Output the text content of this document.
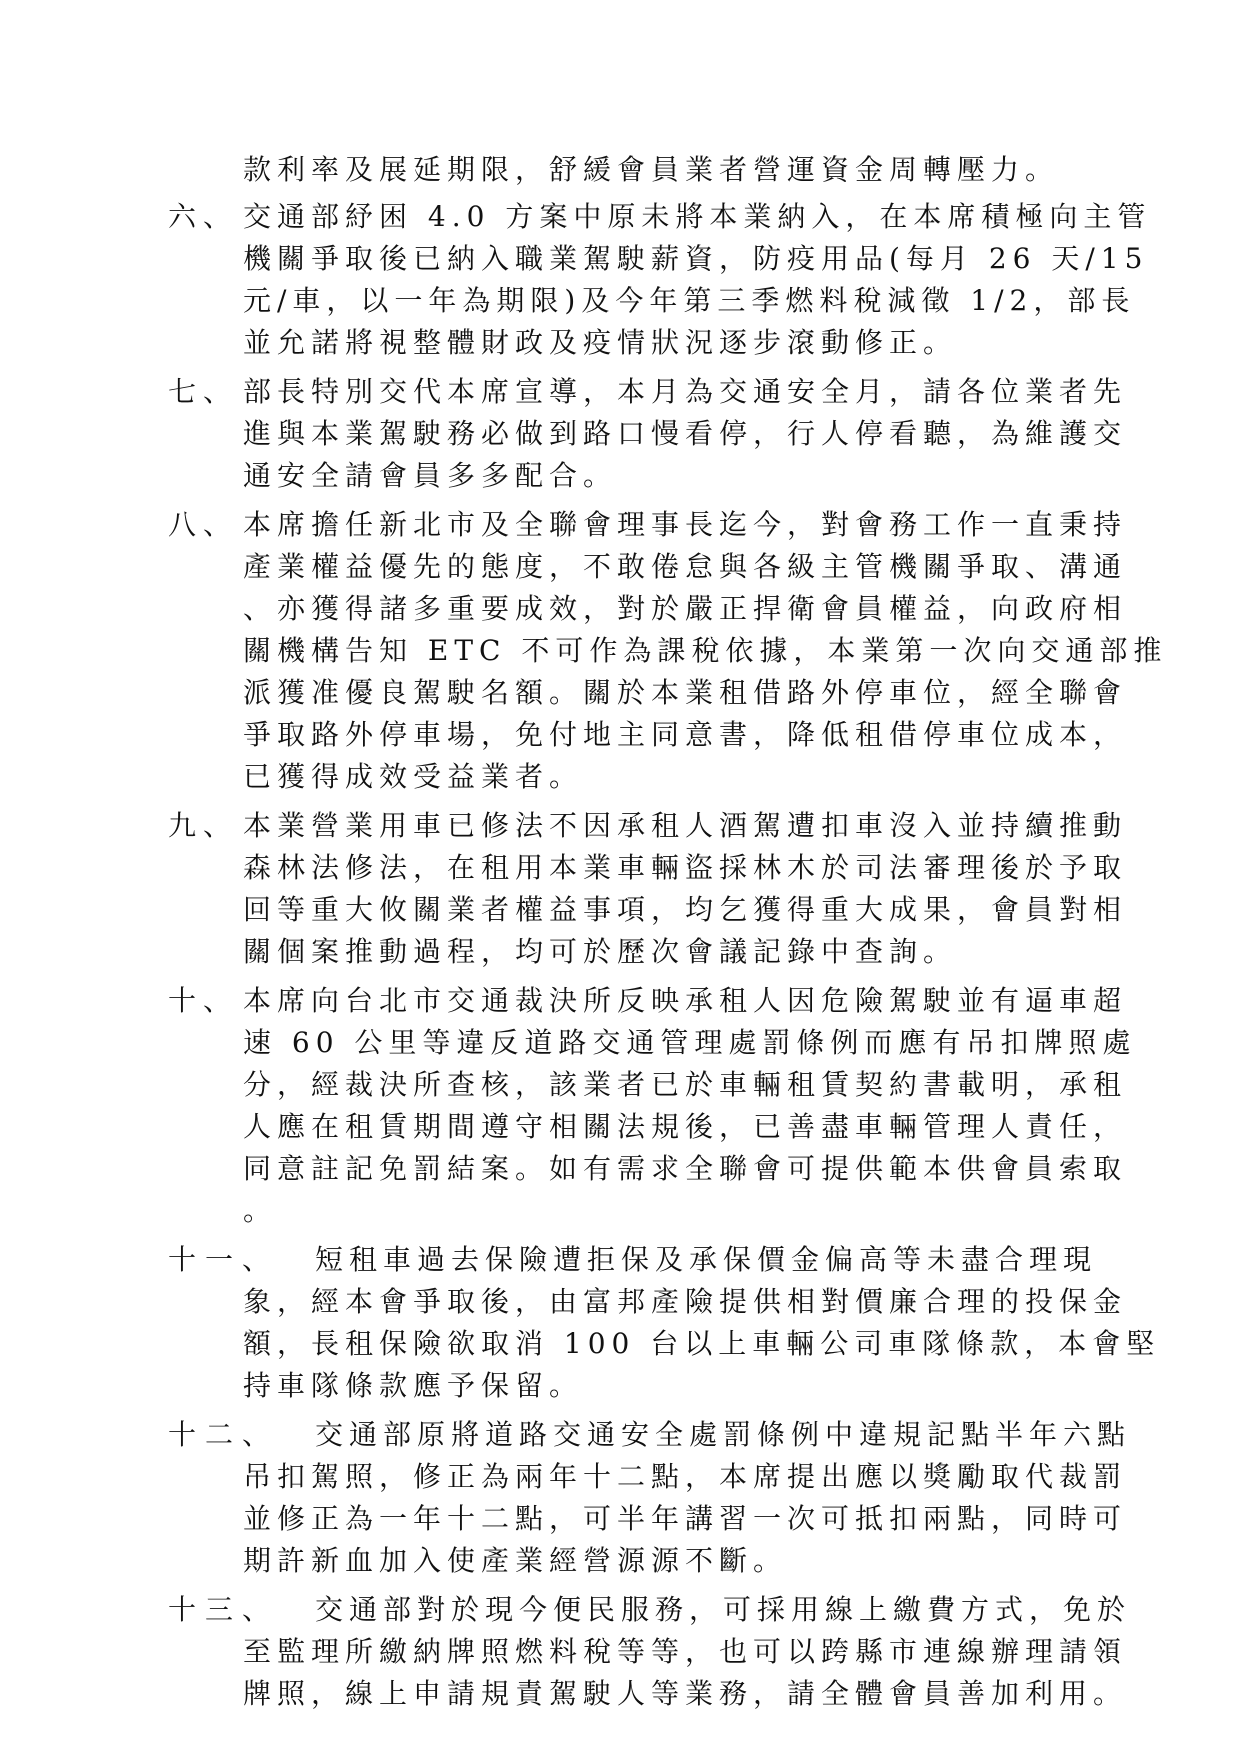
款利率及展延期限，舒緩會員業者營運資金周轉壓力。
六、 交通部紓困 4.0 方案中原未將本業納入，在本席積極向主管
機關爭取後已納入職業駕駛薪資，防疫用品(每月 26 天/15
元/車，以一年為期限)及今年第三季燃料稅減徵 1/2，部長
並允諾將視整體財政及疫情狀況逐步滾動修正。
七、 部長特別交代本席宣導，本月為交通安全月，請各位業者先
進與本業駕駛務必做到路口慢看停，行人停看聽，為維護交
通安全請會員多多配合。
八、 本席擔任新北市及全聯會理事長迄今，對會務工作一直秉持
產業權益優先的態度，不敢倦怠與各級主管機關爭取、溝通
、亦獲得諸多重要成效，對於嚴正捍衛會員權益，向政府相
關機構告知 ETC 不可作為課稅依據，本業第一次向交通部推
派獲准優良駕駛名額。關於本業租借路外停車位，經全聯會
爭取路外停車場，免付地主同意書，降低租借停車位成本，
已獲得成效受益業者。
九、 本業營業用車已修法不因承租人酒駕遭扣車沒入並持續推動
森林法修法，在租用本業車輛盜採林木於司法審理後於予取
回等重大攸關業者權益事項，均乞獲得重大成果，會員對相
關個案推動過程，均可於歷次會議記錄中查詢。
十、 本席向台北市交通裁決所反映承租人因危險駕駛並有逼車超
速 60 公里等違反道路交通管理處罰條例而應有吊扣牌照處
分，經裁決所查核，該業者已於車輛租賃契約書載明，承租
人應在租賃期間遵守相關法規後，已善盡車輛管理人責任，
同意註記免罰結案。如有需求全聯會可提供範本供會員索取
。
十一、	短租車過去保險遭拒保及承保價金偏高等未盡合理現
象，經本會爭取後，由富邦產險提供相對價廉合理的投保金
額，長租保險欲取消 100 台以上車輛公司車隊條款，本會堅
持車隊條款應予保留。
十二、	交通部原將道路交通安全處罰條例中違規記點半年六點
吊扣駕照，修正為兩年十二點，本席提出應以獎勵取代裁罰
並修正為一年十二點，可半年講習一次可抵扣兩點，同時可
期許新血加入使產業經營源源不斷。
十三、	交通部對於現今便民服務，可採用線上繳費方式，免於
至監理所繳納牌照燃料稅等等，也可以跨縣市連線辦理請領
牌照，線上申請規責駕駛人等業務，請全體會員善加利用。
